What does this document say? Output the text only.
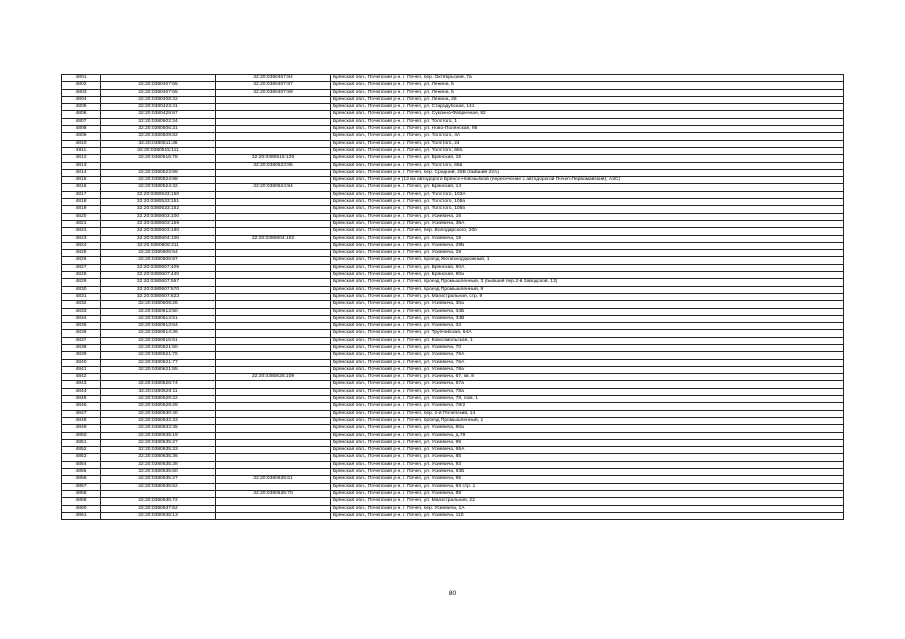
4801		32:20:0380407:84	Брянская обл., Почепский р-н, г. Почеп, пер. Октябрьский, 7а
4802	32:20:0380407:65	32:20:0380407:97	Брянская обл., Почепский р-н, г. Почеп, ул. Ленина, 5
4803	32:20:0380407:65	32:20:0380407:99	Брянская обл., Почепский р-н, г. Почеп, ул. Ленина, 5
4804	32:20:0380408:32		Брянская обл., Почепский р-н, г. Почеп, ул. Ленина, 28
4805	32:20:0380423:41		Брянская обл., Почепский р-н, г. Почеп, ул. Стародубская, 141
4806	32:20:0380428:67		Брянская обл., Почепский р-н, г. Почеп, ул. Суконно-Фабричная, 82
4807	32:20:0380502:34		Брянская обл., Почепский р-н, г. Почеп, ул. Толстого, 1
4808	32:20:0380506:31		Брянская обл., Почепский р-н, г. Почеп, ул. Ново-Полянская, 95
4809	32:20:0380509:82		Брянская обл., Почепский р-н, г. Почеп, ул. Толстого, 4А
4810	32:20:0380511:36		Брянская обл., Почепский р-н, г. Почеп, ул. Толстого, 24
4811	32:20:0380515:111		Брянская обл., Почепский р-н, г. Почеп, ул. Толстого, 65б
4812	32:20:0380515:78	32:20:0380515:129	Брянская обл., Почепский р-н, г. Почеп, ул. Брянская, 15
4813		32:20:0380523:85	Брянская обл., Почепский р-н, г. Почеп, ул. Толстого, 65в
4814	32:20:0380523:88		Брянская обл., Почепский р-н, г. Почеп, пер. Средний, 26В (бывший 22А)
4815	32:20:0380524:88		Брянская обл., Почепский р-н (13 км автодороги Брянск-Новозыбков (пересечение с автодорогой Почеп-Первомайский); АЗС)
4816	32:20:0380524:42	32:20:0380524:94	Брянская обл., Почепский р-н, г. Почеп, ул. Брянская, 14
4817	32:20:0380533:150		Брянская обл., Почепский р-н, г. Почеп, ул. Толстого, 103А
4818	32:20:0380533:151		Брянская обл., Почепский р-н, г. Почеп, ул. Толстого, 105а
4819	32:20:0380533:152		Брянская обл., Почепский р-н, г. Почеп, ул. Толстого, 105б
4820	32:20:0380603:100		Брянская обл., Почепский р-н, г. Почеп, ул. Усиевича, 16
4821	32:20:0380603:159		Брянская обл., Почепский р-н, г. Почеп, ул. Усиевича, 38А
4822	32:20:0380603:160		Брянская обл., Почепский р-н, г. Почеп, пер. Володарского, 20б
4823	32:20:0380604:100	32:20:0380604:102	Брянская обл., Почепский р-н, г. Почеп, ул. Усиевича, 19
4824	32:20:0380606:211		Брянская обл., Почепский р-н, г. Почеп, ул. Усиевича, 29Б
4825	32:20:0380606:64		Брянская обл., Почепский р-н, г. Почеп, ул. Усиевича, 29
4826	32:20:0380606:87		Брянская обл., Почепский р-н, г. Почеп, проезд Железнодорожный, 1
4827	32:20:0380607:409		Брянская обл., Почепский р-н, г. Почеп, ул. Брянская, 90А
4828	32:20:0380607:440		Брянская обл., Почепский р-н, г. Почеп, ул. Брянская, 90а
4829	32:20:0380607:557		Брянская обл., Почепский р-н, г. Почеп, проезд Промышленный, 3 (бывший пер.2-й Заводской, 13)
4830	32:20:0380607:570		Брянская обл., Почепский р-н, г. Почеп, проезд Промышленный, 9
4831	32:20:0380607:623		Брянская обл., Почепский р-н, г. Почеп, ул. Магистральная, стр. 9
4832	32:20:0380609:26		Брянская обл., Почепский р-н, г. Почеп, ул. Усиевича, 30а
4833	32:20:0380613:50		Брянская обл., Почепский р-н, г. Почеп, ул. Усиевича, 34Б
4834	32:20:0380613:51		Брянская обл., Почепский р-н, г. Почеп, ул. Усиевича, 34В
4835	32:20:0380613:64		Брянская обл., Почепский р-н, г. Почеп, ул. Усиевича, 34
4836	32:20:0380614:36		Брянская обл., Почепский р-н, г. Почеп, ул. Трубчевская, 54А
4837	32:20:0380615:61		Брянская обл., Почепский р-н, г. Почеп, ул. Комсомольская, 1
4838	32:20:0380621:60		Брянская обл., Почепский р-н, г. Почеп, ул. Усиевича, 70
4839	32:20:0380621:76		Брянская обл., Почепский р-н, г. Почеп, ул. Усиевича, 76А
4840	32:20:0380621:77		Брянская обл., Почепский р-н, г. Почеп, ул. Усиевича, 76А
4841	32:20:0380621:85		Брянская обл., Почепский р-н, г. Почеп, ул. Усиевича, 78а
4842		32:20:0380626:109	Брянская обл., Почепский р-н, г. Почеп, ул. Усиевича, 67, кв. 8
4843	32:20:0380626:74		Брянская обл., Почепский р-н, г. Почеп, ул. Усиевича, 67а
4844	32:20:0380629:11		Брянская обл., Почепский р-н, г. Почеп, ул. Усиевича, 78а
4845	32:20:0380629:22		Брянская обл., Почепский р-н, г. Почеп, ул. Усиевича, 78, пом. 1
4846	32:20:0380629:28		Брянская обл., Почепский р-н, г. Почеп, ул. Усиевича, 78/2
4847	32:20:0380630:40		Брянская обл., Почепский р-н, г. Почеп, пер. 2-й Почепский, 14
4848	32:20:0380632:43		Брянская обл., Почепский р-н, г. Почеп, проезд Промышленный, 1
4849	32:20:0380633:35		Брянская обл., Почепский р-н, г. Почеп, ул. Усиевича, 80а
4850	32:20:0380635:19		Брянская обл., Почепский р-н, г. Почеп, ул. Усиевича, д.79
4851	32:20:0380635:27		Брянская обл., Почепский р-н, г. Почеп, ул. Усиевича, 95
4852	32:20:0380635:33		Брянская обл., Почепский р-н, г. Почеп, ул. Усиевича, 95А
4853	32:20:0380635:36		Брянская обл., Почепский р-н, г. Почеп, ул. Усиевича, 85
4854	32:20:0380635:38		Брянская обл., Почепский р-н, г. Почеп, ул. Усиевича, 93
4855	32:20:0380635:60		Брянская обл., Почепский р-н, г. Почеп, ул. Усиевича, 93Б
4856	32:20:0380635:27	32:20:0380635:61	Брянская обл., Почепский р-н, г. Почеп, ул. Усиевича, 95
4857	32:20:0380635:62		Брянская обл., Почепский р-н, г. Почеп, ул. Усиевича, 93 стр. 1
4858		32:20:0380635:70	Брянская обл., Почепский р-н, г. Почеп, ул. Усиевича, 89
4859	32:20:0380635:72		Брянская обл., Почепский р-н, г. Почеп, ул. Магистральная, 22
4860	32:20:0380637:52		Брянская обл., Почепский р-н, г. Почеп, пер. Усиевича, 1А
4861	32:20:0380638:13		Брянская обл., Почепский р-н, г. Почеп, ул. Усиевича, 110
80
